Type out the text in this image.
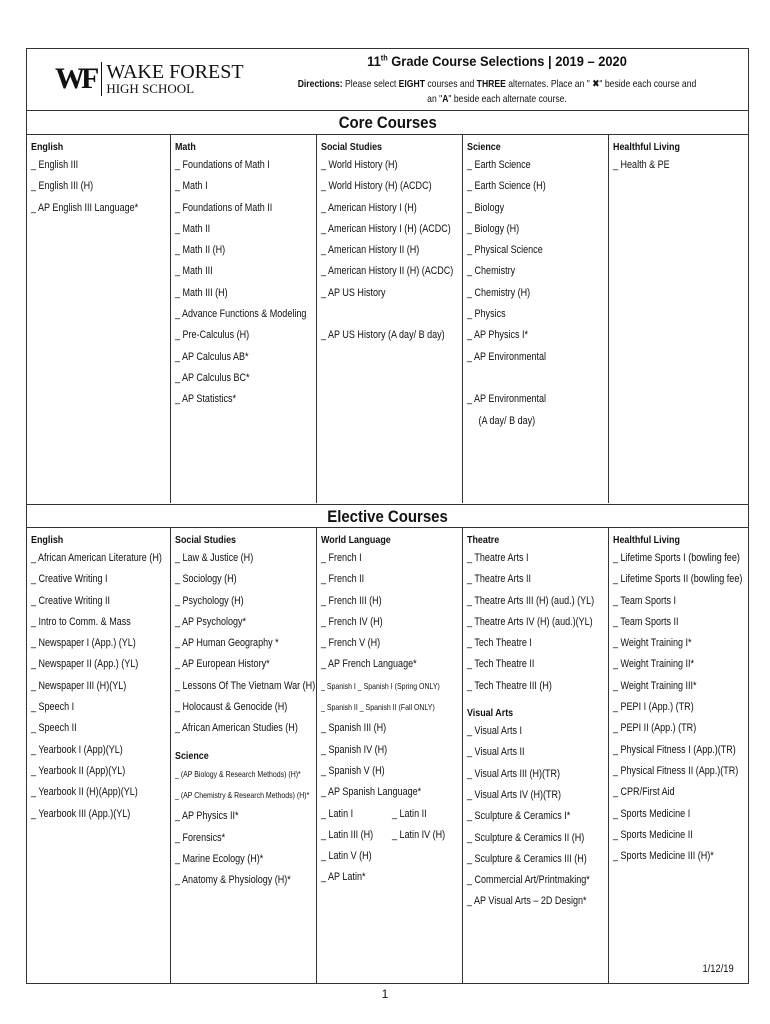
WF WAKE FOREST
HIGH SCHOOL
11th Grade Course Selections | 2019 – 2020
Directions: Please select EIGHT courses and THREE alternates. Place an " ✖" beside each course and an "A" beside each alternate course.
Core Courses
English
_ English III
_ English III (H)
_ AP English III Language*
Math
_ Foundations of Math I
_ Math I
_ Foundations of Math II
_ Math II
_ Math II (H)
_ Math III
_ Math III (H)
_ Advance Functions & Modeling
_ Pre-Calculus (H)
_ AP Calculus AB*
_ AP Calculus BC*
_ AP Statistics*
Social Studies
_ World History (H)
_ World History (H) (ACDC)
_ American History I (H)
_ American History I (H) (ACDC)
_ American History II (H)
_ American History II (H) (ACDC)
_ AP US History
_ AP US History (A day/ B day)
Science
_ Earth Science
_ Earth Science (H)
_ Biology
_ Biology (H)
_ Physical Science
_ Chemistry
_ Chemistry (H)
_ Physics
_ AP Physics I*
_ AP Environmental
_ AP Environmental
(A day/ B day)
Healthful Living
_ Health & PE
Elective Courses
English
_ African American Literature (H)
_ Creative Writing I
_ Creative Writing II
_ Intro to Comm. & Mass
_ Newspaper I (App.) (YL)
_ Newspaper II (App.) (YL)
_ Newspaper III (H)(YL)
_ Speech I
_ Speech II
_ Yearbook I (App)(YL)
_ Yearbook II (App)(YL)
_ Yearbook II (H)(App)(YL)
_ Yearbook III (App.)(YL)
Social Studies
_ Law & Justice (H)
_ Sociology (H)
_ Psychology (H)
_ AP Psychology*
_ AP Human Geography *
_ AP European History*
_ Lessons Of The Vietnam War (H)
_ Holocaust & Genocide (H)
_ African American Studies (H)
Science
_ (AP Biology & Research Methods) (H)*
_ (AP Chemistry & Research Methods) (H)*
_ AP Physics II*
_ Forensics*
_ Marine Ecology (H)*
_ Anatomy & Physiology (H)*
World Language
_ French I
_ French II
_ French III (H)
_ French IV (H)
_ French V (H)
_ AP French Language*
_ Spanish I _ Spanish I (Spring ONLY)
_ Spanish II _ Spanish II (Fall ONLY)
_ Spanish III (H)
_ Spanish IV (H)
_ Spanish V (H)
_ AP Spanish Language*
_ Latin I	_ Latin II
_ Latin III (H)	_ Latin IV (H)
_ Latin V (H)
_ AP Latin*
Theatre
_ Theatre Arts I
_ Theatre Arts II
_ Theatre Arts III (H) (aud.) (YL)
_ Theatre Arts IV (H) (aud.)(YL)
_ Tech Theatre I
_ Tech Theatre II
_ Tech Theatre III (H)
Visual Arts
_ Visual Arts I
_ Visual Arts II
_ Visual Arts III (H)(TR)
_ Visual Arts IV (H)(TR)
_ Sculpture & Ceramics I*
_ Sculpture & Ceramics II (H)
_ Sculpture & Ceramics III (H)
_ Commercial Art/Printmaking*
_ AP Visual Arts – 2D Design*
Healthful Living
_ Lifetime Sports I (bowling fee)
_ Lifetime Sports II (bowling fee)
_ Team Sports I
_ Team Sports II
_ Weight Training I*
_ Weight Training II*
_ Weight Training III*
_ PEPI I (App.) (TR)
_ PEPI II (App.) (TR)
_ Physical Fitness I (App.)(TR)
_ Physical Fitness II (App.)(TR)
_ CPR/First Aid
_ Sports Medicine I
_ Sports Medicine II
_ Sports Medicine III (H)*
1/12/19
1
